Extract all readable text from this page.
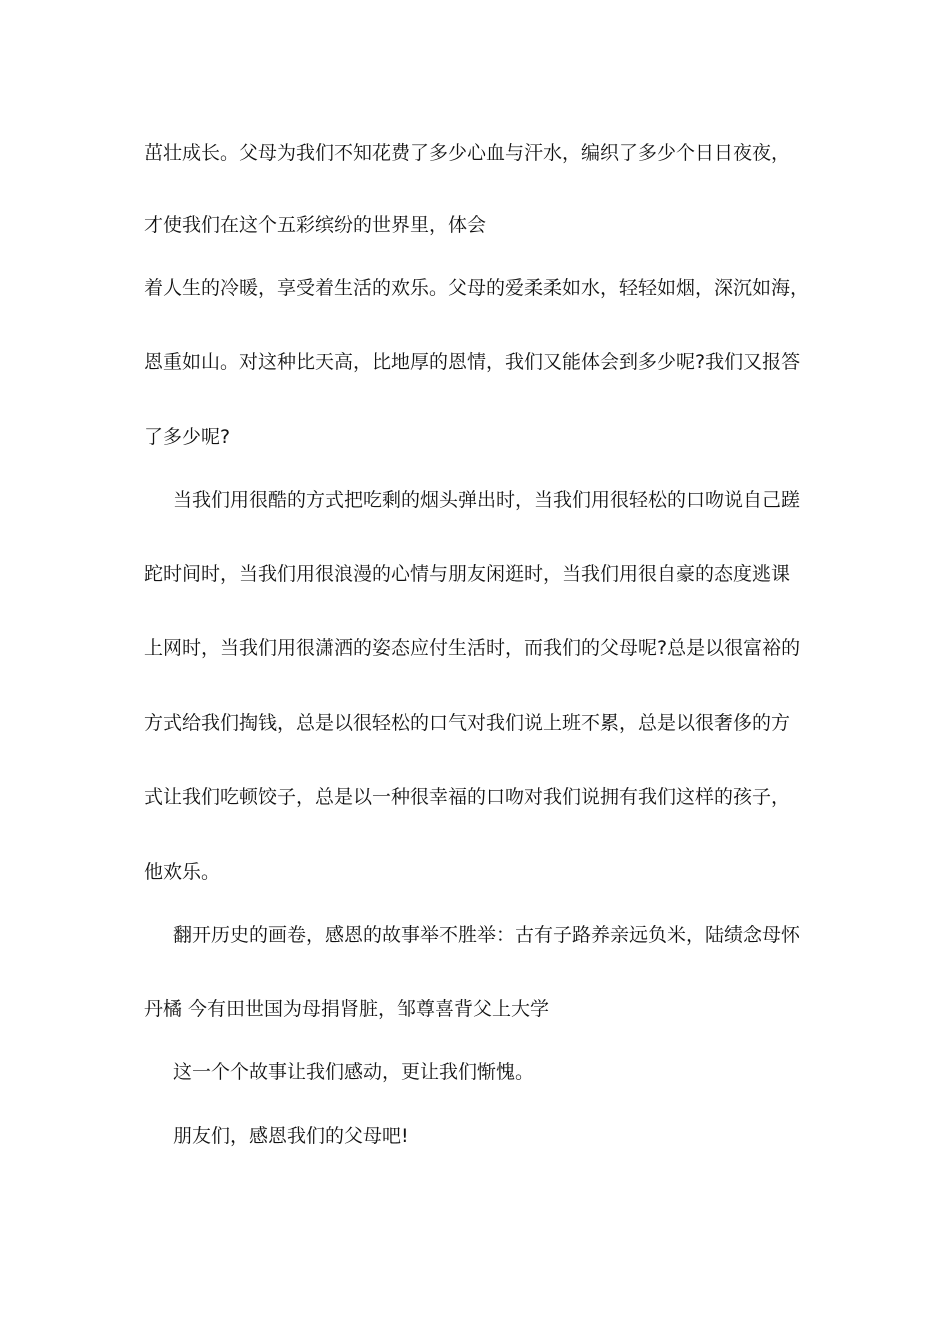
茁壮成长。父母为我们不知花费了多少心血与汗水，编织了多少个日日夜夜，
才使我们在这个五彩缤纷的世界里，体会
着人生的冷暖，享受着生活的欢乐。父母的爱柔柔如水，轻轻如烟，深沉如海，
恩重如山。对这种比天高，比地厚的恩情，我们又能体会到多少呢?我们又报答
了多少呢?
当我们用很酷的方式把吃剩的烟头弹出时，当我们用很轻松的口吻说自己蹉
跎时间时，当我们用很浪漫的心情与朋友闲逛时，当我们用很自豪的态度逃课
上网时，当我们用很潇洒的姿态应付生活时，而我们的父母呢?总是以很富裕的
方式给我们掏钱，总是以很轻松的口气对我们说上班不累，总是以很奢侈的方
式让我们吃顿饺子，总是以一种很幸福的口吻对我们说拥有我们这样的孩子，
他欢乐。
翻开历史的画卷，感恩的故事举不胜举：古有子路养亲远负米，陆绩念母怀
丹橘 今有田世国为母捐肾脏，邹尊喜背父上大学
这一个个故事让我们感动，更让我们惭愧。
朋友们，感恩我们的父母吧!
